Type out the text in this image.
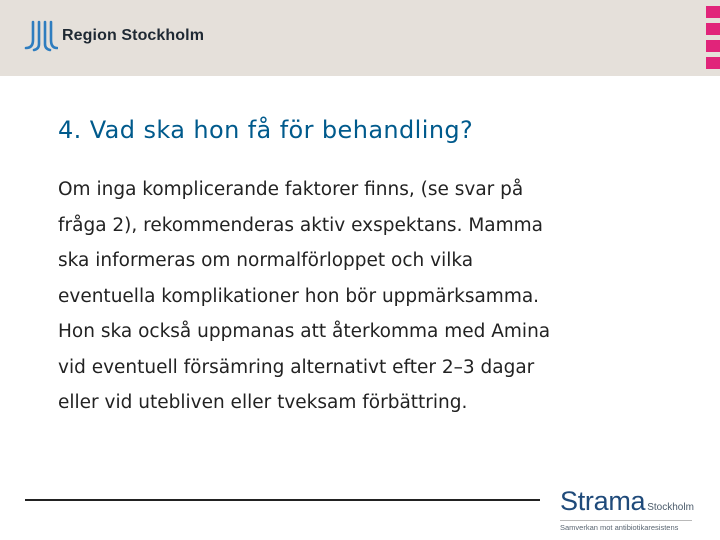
Region Stockholm
4. Vad ska hon få för behandling?
Om inga komplicerande faktorer finns, (se svar på
fråga 2), rekommenderas aktiv exspektans. Mamma
ska informeras om normalförloppet och vilka
eventuella komplikationer hon bör uppmärksamma.
Hon ska också uppmanas att återkomma med Amina
vid eventuell försämring alternativt efter 2–3 dagar
eller vid utebliven eller tveksam förbättring.
Strama Stockholm
Samverkan mot antibiotikaresistens
